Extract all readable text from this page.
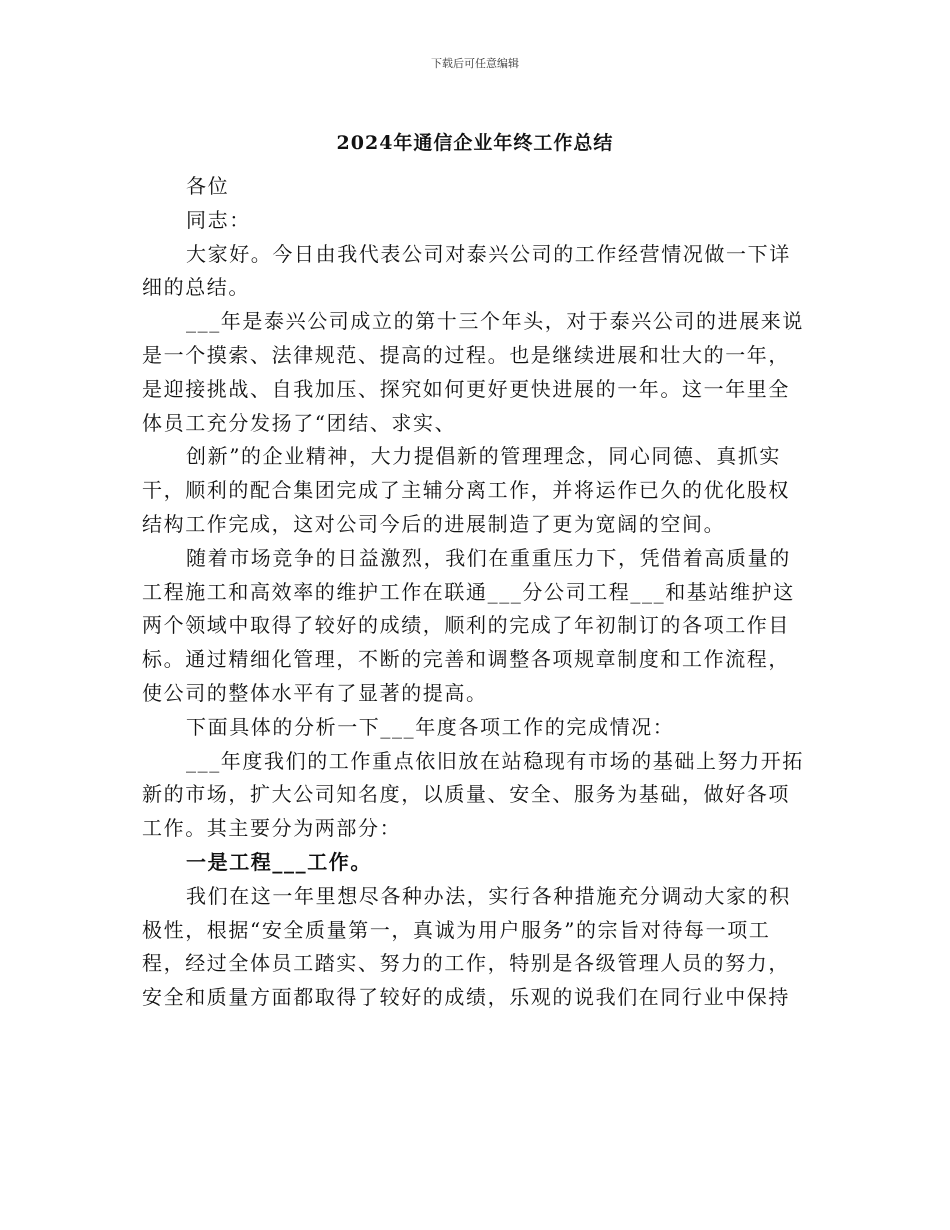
下载后可任意编辑
2024年通信企业年终工作总结

各位

同志：

大家好。今日由我代表公司对泰兴公司的工作经营情况做一下详细的总结。

___年是泰兴公司成立的第十三个年头，对于泰兴公司的进展来说是一个摸索、法律规范、提高的过程。也是继续进展和壮大的一年，是迎接挑战、自我加压、探究如何更好更快进展的一年。这一年里全体员工充分发扬了“团结、求实、

创新”的企业精神，大力提倡新的管理理念，同心同德、真抓实干，顺利的配合集团完成了主辅分离工作，并将运作已久的优化股权结构工作完成，这对公司今后的进展制造了更为宽阔的空间。

随着市场竞争的日益激烈，我们在重重压力下，凭借着高质量的工程施工和高效率的维护工作在联通___分公司工程___和基站维护这两个领域中取得了较好的成绩，顺利的完成了年初制订的各项工作目标。通过精细化管理，不断的完善和调整各项规章制度和工作流程，使公司的整体水平有了显著的提高。

下面具体的分析一下___年度各项工作的完成情况：

___年度我们的工作重点依旧放在站稳现有市场的基础上努力开拓新的市场，扩大公司知名度，以质量、安全、服务为基础，做好各项工作。其主要分为两部分：

一是工程___工作。

我们在这一年里想尽各种办法，实行各种措施充分调动大家的积极性，根据“安全质量第一，真诚为用户服务”的宗旨对待每一项工程，经过全体员工踏实、努力的工作，特别是各级管理人员的努力，安全和质量方面都取得了较好的成绩，乐观的说我们在同行业中保持
